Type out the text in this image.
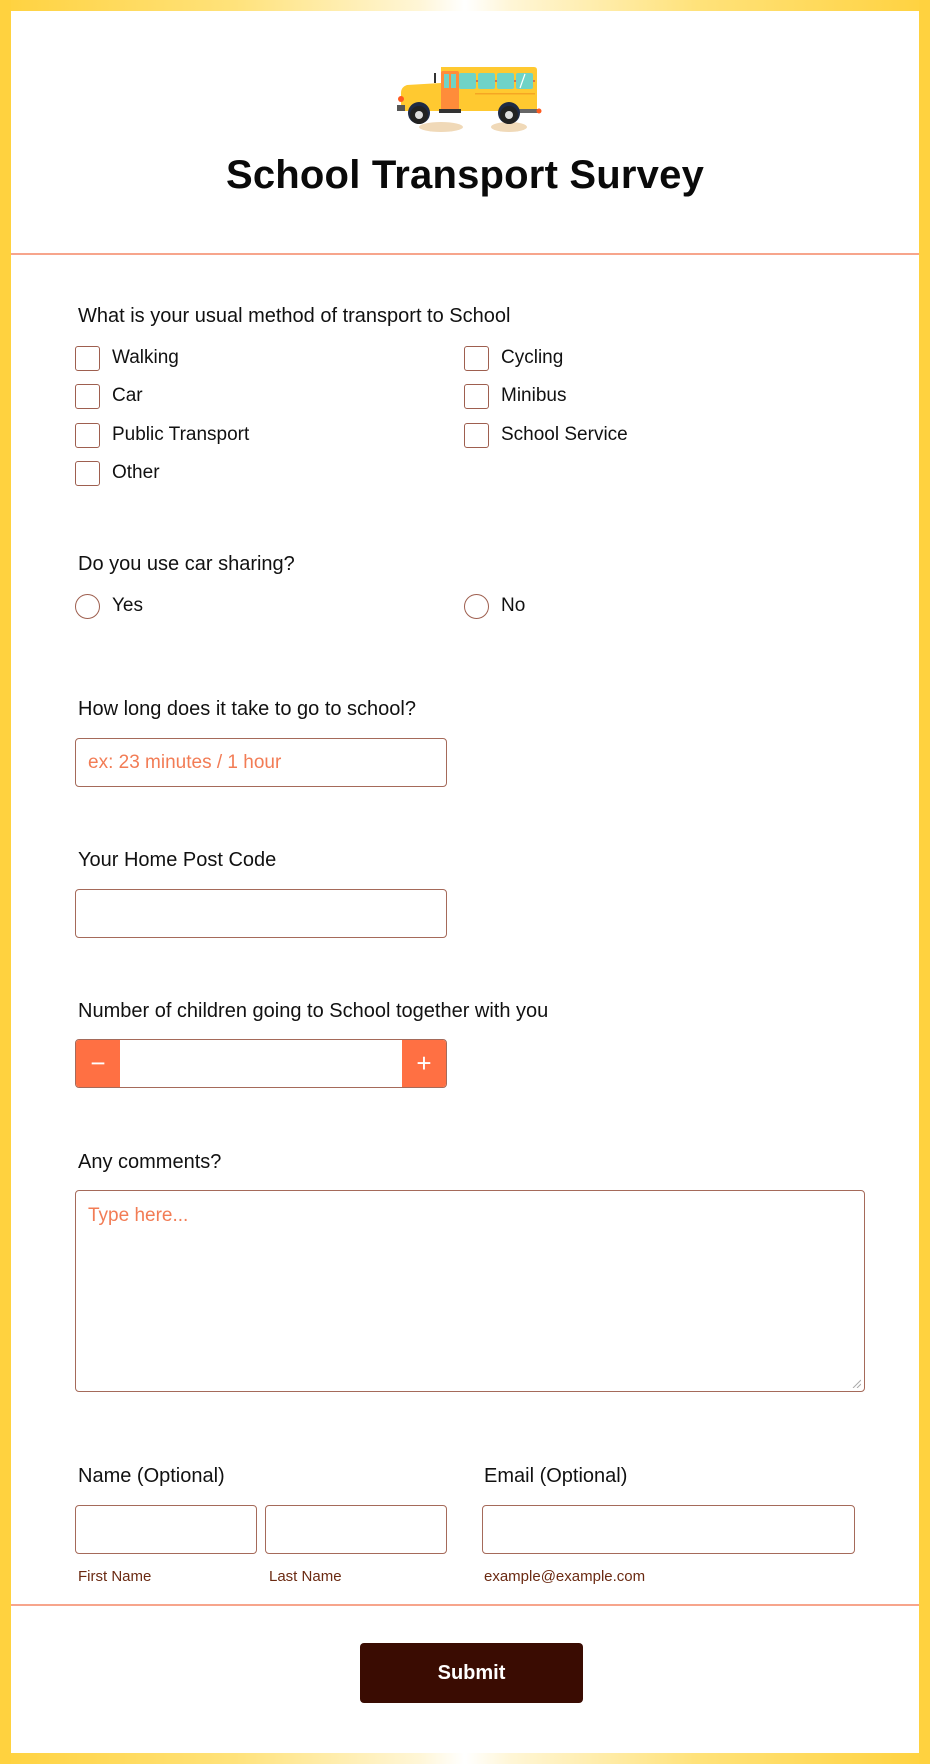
School Transport Survey
What is your usual method of transport to School
Walking	Cycling
Car	Minibus
Public Transport	School Service
Other
Do you use car sharing?
Yes	No
How long does it take to go to school?
ex: 23 minutes / 1 hour
Your Home Post Code
Number of children going to School together with you
−	+
Any comments?
Type here...
Name (Optional)
First Name	Last Name
Email (Optional)
example@example.com
Submit
